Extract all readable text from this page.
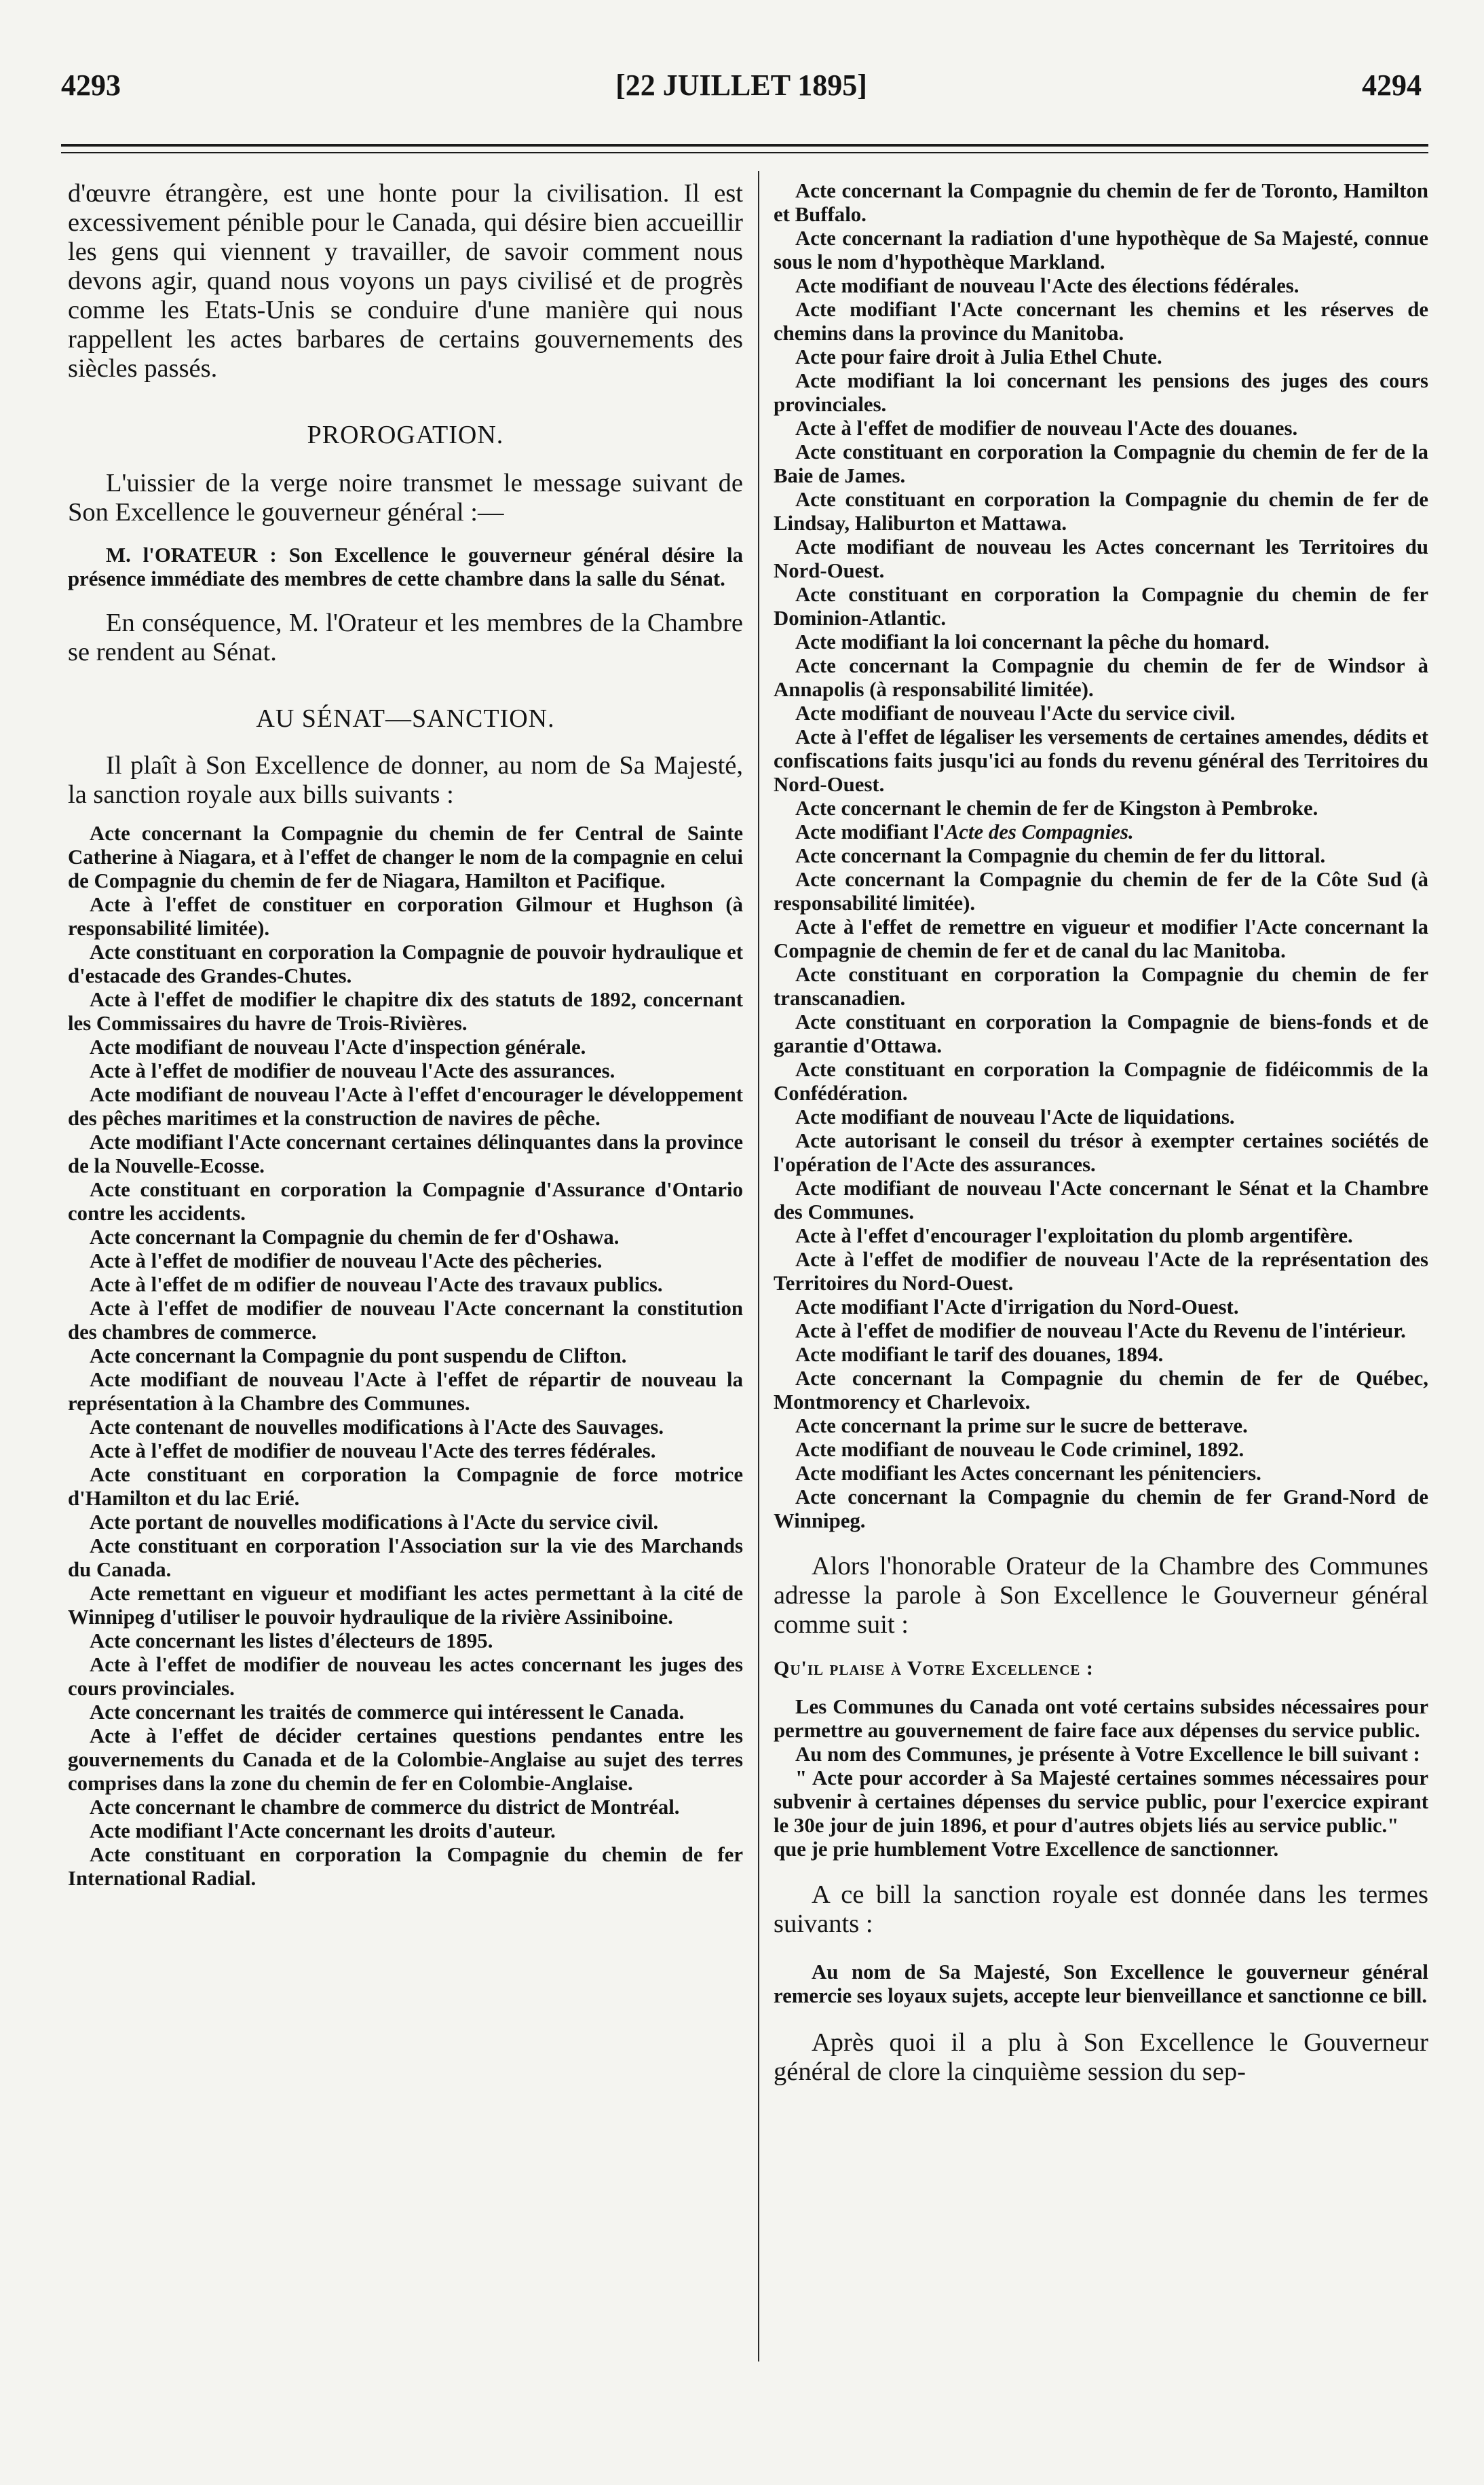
4293	[22 JUILLET 1895]	4294

d'œuvre étrangère, est une honte pour la civilisation. Il est excessivement pénible pour le Canada, qui désire bien accueillir les gens qui viennent y travailler, de savoir comment nous devons agir, quand nous voyons un pays civilisé et de progrès comme les Etats-Unis se conduire d'une manière qui nous rappellent les actes barbares de certains gouvernements des siècles passés.

PROROGATION.

L'uissier de la verge noire transmet le message suivant de Son Excellence le gouverneur général :—

M. l'ORATEUR : Son Excellence le gouverneur général désire la présence immédiate des membres de cette chambre dans la salle du Sénat.

En conséquence, M. l'Orateur et les membres de la Chambre se rendent au Sénat.

AU SÉNAT—SANCTION.

Il plaît à Son Excellence de donner, au nom de Sa Majesté, la sanction royale aux bills suivants :

Acte concernant la Compagnie du chemin de fer Central de Sainte Catherine à Niagara, et à l'effet de changer le nom de la compagnie en celui de Compagnie du chemin de fer de Niagara, Hamilton et Pacifique.

Acte à l'effet de constituer en corporation Gilmour et Hughson (à responsabilité limitée).

Acte constituant en corporation la Compagnie de pouvoir hydraulique et d'estacade des Grandes-Chutes.

Acte à l'effet de modifier le chapitre dix des statuts de 1892, concernant les Commissaires du havre de Trois-Rivières.

Acte modifiant de nouveau l'Acte d'inspection générale.

Acte à l'effet de modifier de nouveau l'Acte des assurances.

Acte modifiant de nouveau l'Acte à l'effet d'encourager le développement des pêches maritimes et la construction de navires de pêche.

Acte modifiant l'Acte concernant certaines délinquantes dans la province de la Nouvelle-Ecosse.

Acte constituant en corporation la Compagnie d'Assurance d'Ontario contre les accidents.

Acte concernant la Compagnie du chemin de fer d'Oshawa.

Acte à l'effet de modifier de nouveau l'Acte des pêcheries.

Acte à l'effet de m odifier de nouveau l'Acte des travaux publics.

Acte à l'effet de modifier de nouveau l'Acte concernant la constitution des chambres de commerce.

Acte concernant la Compagnie du pont suspendu de Clifton.

Acte modifiant de nouveau l'Acte à l'effet de répartir de nouveau la représentation à la Chambre des Communes.

Acte contenant de nouvelles modifications à l'Acte des Sauvages.

Acte à l'effet de modifier de nouveau l'Acte des terres fédérales.

Acte constituant en corporation la Compagnie de force motrice d'Hamilton et du lac Erié.

Acte portant de nouvelles modifications à l'Acte du service civil.

Acte constituant en corporation l'Association sur la vie des Marchands du Canada.

Acte remettant en vigueur et modifiant les actes permettant à la cité de Winnipeg d'utiliser le pouvoir hydraulique de la rivière Assiniboine.

Acte concernant les listes d'électeurs de 1895.

Acte à l'effet de modifier de nouveau les actes concernant les juges des cours provinciales.

Acte concernant les traités de commerce qui intéressent le Canada.

Acte à l'effet de décider certaines questions pendantes entre les gouvernements du Canada et de la Colombie-Anglaise au sujet des terres comprises dans la zone du chemin de fer en Colombie-Anglaise.

Acte concernant le chambre de commerce du district de Montréal.

Acte modifiant l'Acte concernant les droits d'auteur.

Acte constituant en corporation la Compagnie du chemin de fer International Radial.

Acte concernant la Compagnie du chemin de fer de Toronto, Hamilton et Buffalo.

Acte concernant la radiation d'une hypothèque de Sa Majesté, connue sous le nom d'hypothèque Markland.

Acte modifiant de nouveau l'Acte des élections fédérales.

Acte modifiant l'Acte concernant les chemins et les réserves de chemins dans la province du Manitoba.

Acte pour faire droit à Julia Ethel Chute.

Acte modifiant la loi concernant les pensions des juges des cours provinciales.

Acte à l'effet de modifier de nouveau l'Acte des douanes.

Acte constituant en corporation la Compagnie du chemin de fer de la Baie de James.

Acte constituant en corporation la Compagnie du chemin de fer de Lindsay, Haliburton et Mattawa.

Acte modifiant de nouveau les Actes concernant les Territoires du Nord-Ouest.

Acte constituant en corporation la Compagnie du chemin de fer Dominion-Atlantic.

Acte modifiant la loi concernant la pêche du homard.

Acte concernant la Compagnie du chemin de fer de Windsor à Annapolis (à responsabilité limitée).

Acte modifiant de nouveau l'Acte du service civil.

Acte à l'effet de légaliser les versements de certaines amendes, dédits et confiscations faits jusqu'ici au fonds du revenu général des Territoires du Nord-Ouest.

Acte concernant le chemin de fer de Kingston à Pembroke.

Acte modifiant l'Acte des Compagnies.

Acte concernant la Compagnie du chemin de fer du littoral.

Acte concernant la Compagnie du chemin de fer de la Côte Sud (à responsabilité limitée).

Acte à l'effet de remettre en vigueur et modifier l'Acte concernant la Compagnie de chemin de fer et de canal du lac Manitoba.

Acte constituant en corporation la Compagnie du chemin de fer transcanadien.

Acte constituant en corporation la Compagnie de biens-fonds et de garantie d'Ottawa.

Acte constituant en corporation la Compagnie de fidéicommis de la Confédération.

Acte modifiant de nouveau l'Acte de liquidations.

Acte autorisant le conseil du trésor à exempter certaines sociétés de l'opération de l'Acte des assurances.

Acte modifiant de nouveau l'Acte concernant le Sénat et la Chambre des Communes.

Acte à l'effet d'encourager l'exploitation du plomb argentifère.

Acte à l'effet de modifier de nouveau l'Acte de la représentation des Territoires du Nord-Ouest.

Acte modifiant l'Acte d'irrigation du Nord-Ouest.

Acte à l'effet de modifier de nouveau l'Acte du Revenu de l'intérieur.

Acte modifiant le tarif des douanes, 1894.

Acte concernant la Compagnie du chemin de fer de Québec, Montmorency et Charlevoix.

Acte concernant la prime sur le sucre de betterave.

Acte modifiant de nouveau le Code criminel, 1892.

Acte modifiant les Actes concernant les pénitenciers.

Acte concernant la Compagnie du chemin de fer Grand-Nord de Winnipeg.

Alors l'honorable Orateur de la Chambre des Communes adresse la parole à Son Excellence le Gouverneur général comme suit :

Qu'il plaise à Votre Excellence :

Les Communes du Canada ont voté certains subsides nécessaires pour permettre au gouvernement de faire face aux dépenses du service public.

Au nom des Communes, je présente à Votre Excellence le bill suivant :

" Acte pour accorder à Sa Majesté certaines sommes nécessaires pour subvenir à certaines dépenses du service public, pour l'exercice expirant le 30e jour de juin 1896, et pour d'autres objets liés au service public."

que je prie humblement Votre Excellence de sanctionner.

A ce bill la sanction royale est donnée dans les termes suivants :

Au nom de Sa Majesté, Son Excellence le gouverneur général remercie ses loyaux sujets, accepte leur bienveillance et sanctionne ce bill.

Après quoi il a plu à Son Excellence le Gouverneur général de clore la cinquième session du sep-
